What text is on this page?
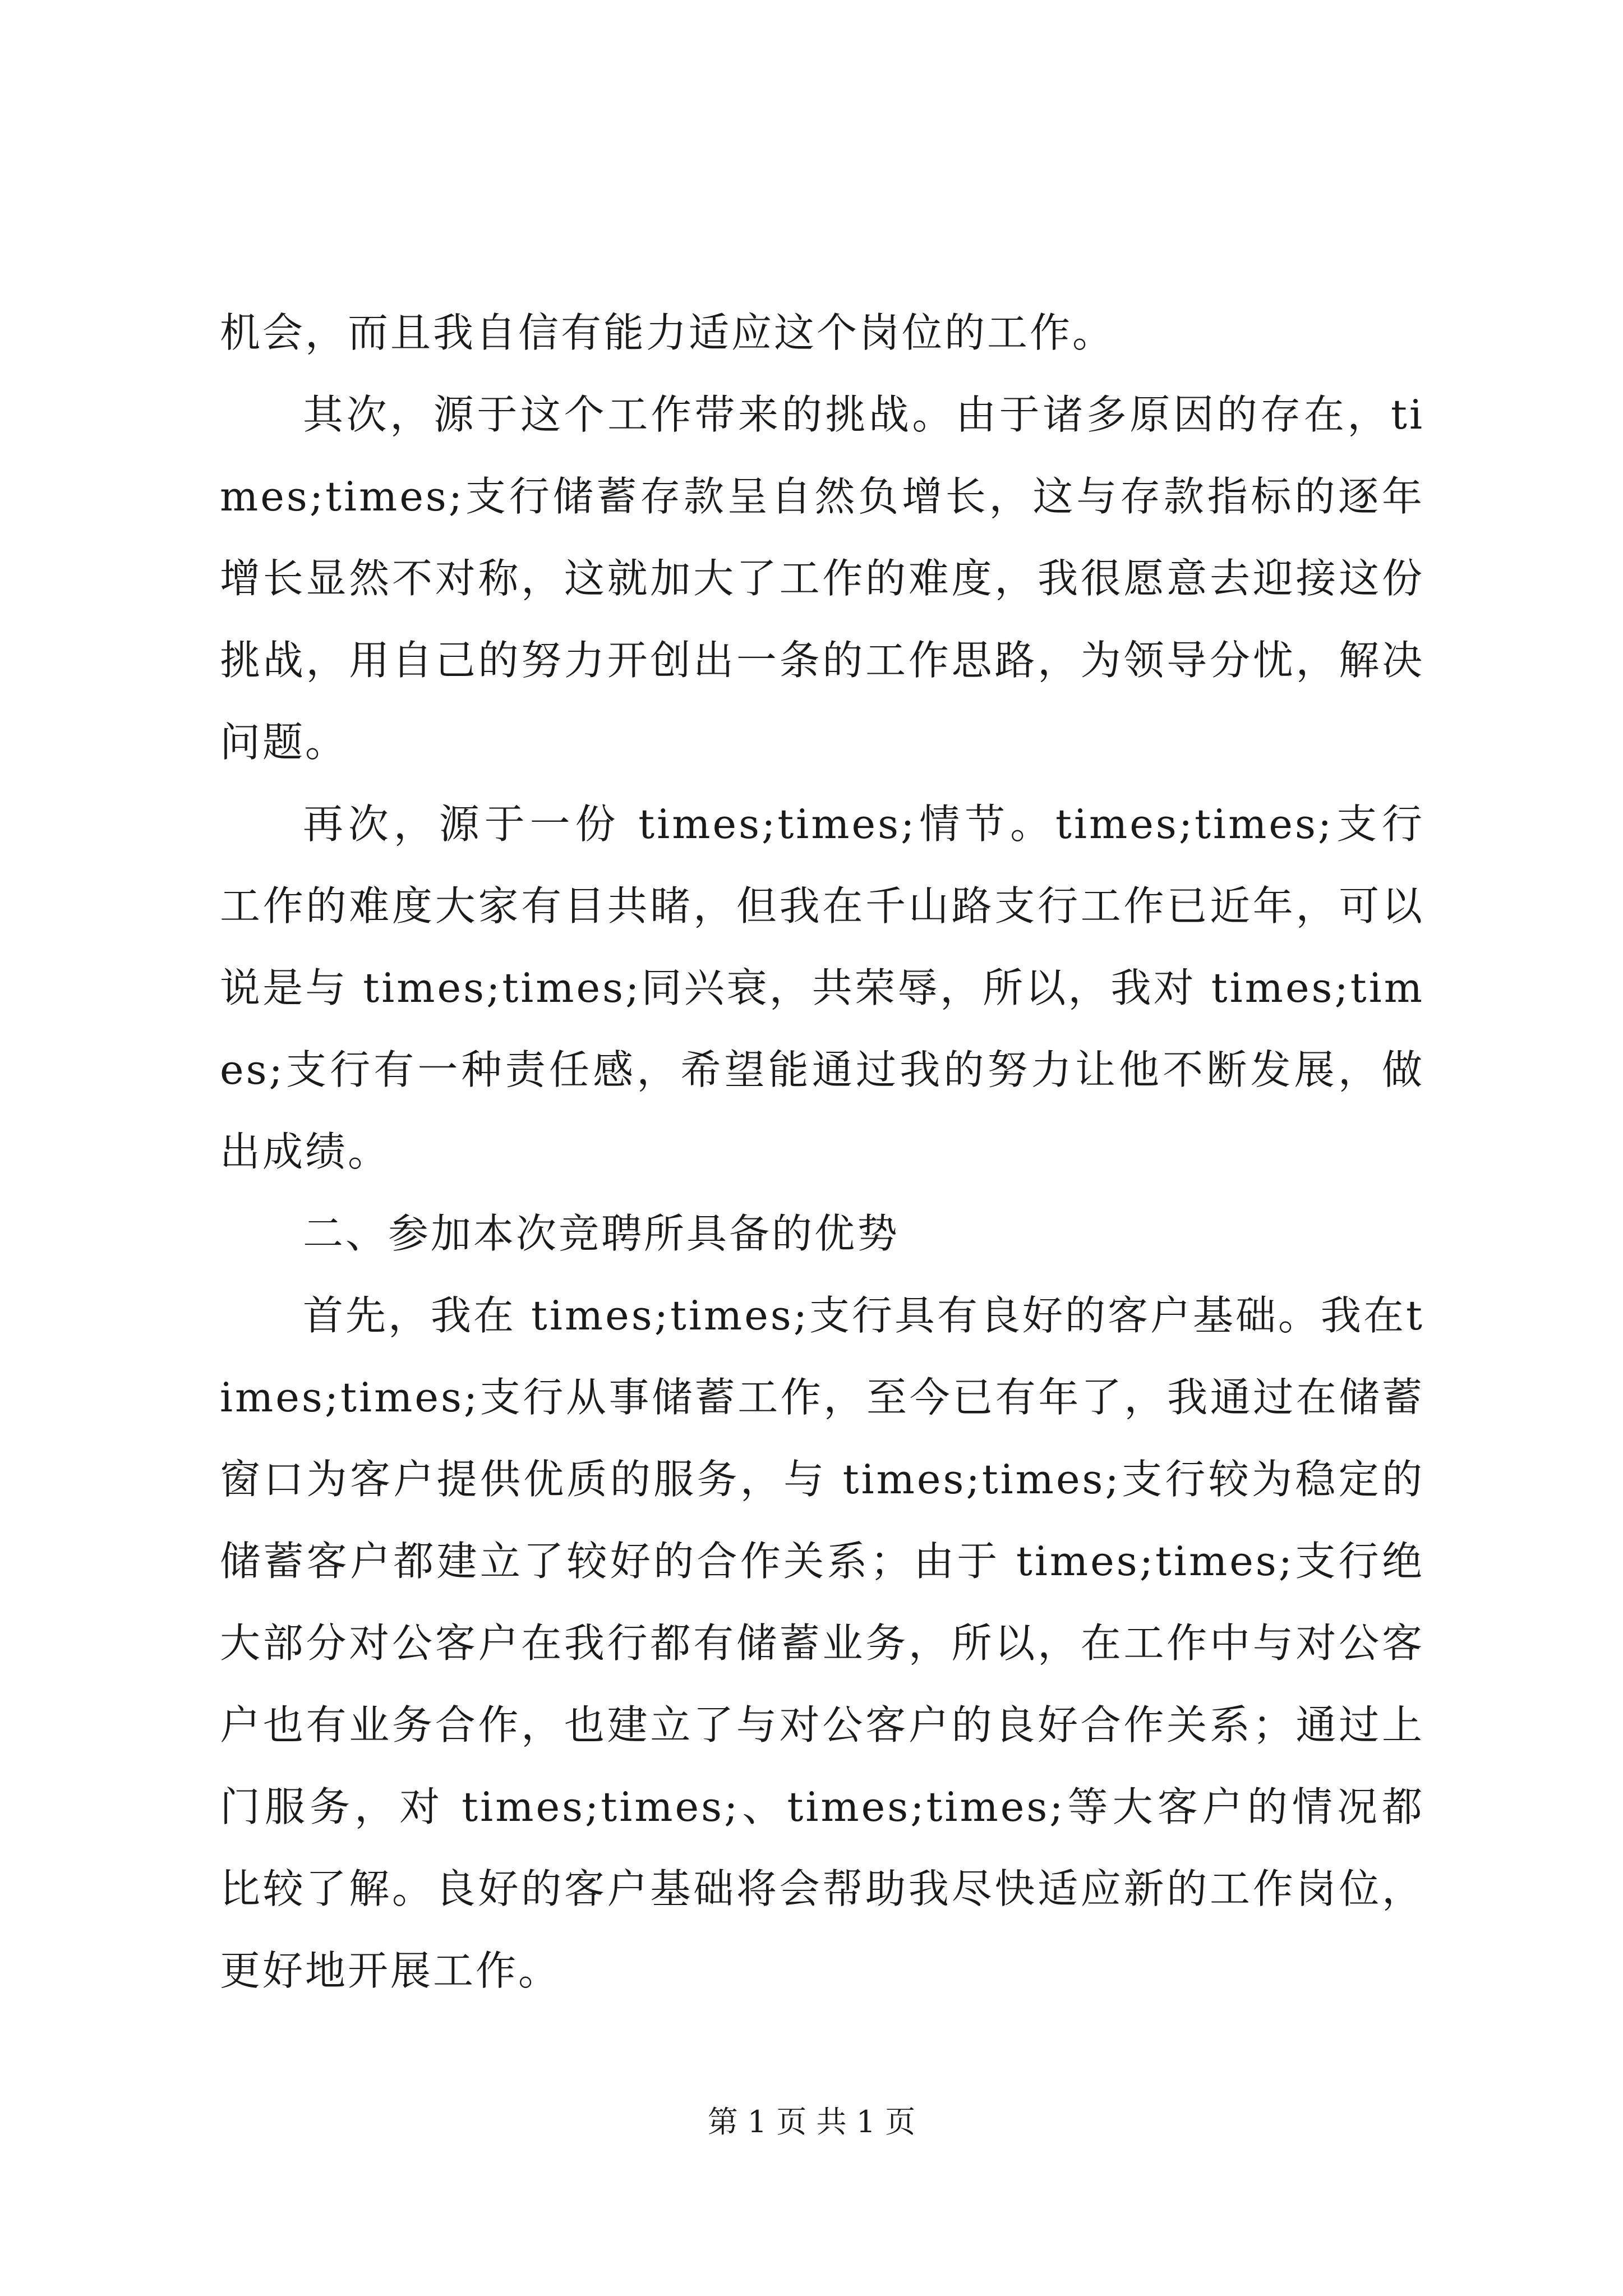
机会，而且我自信有能力适应这个岗位的工作。

其次，源于这个工作带来的挑战。由于诸多原因的存在，times;times;支行储蓄存款呈自然负增长，这与存款指标的逐年增长显然不对称，这就加大了工作的难度，我很愿意去迎接这份挑战，用自己的努力开创出一条的工作思路，为领导分忧，解决问题。

再次，源于一份 times;times;情节。times;times;支行工作的难度大家有目共睹，但我在千山路支行工作已近年，可以说是与 times;times;同兴衰，共荣辱，所以，我对 times;times;支行有一种责任感，希望能通过我的努力让他不断发展，做出成绩。

二、参加本次竞聘所具备的优势

首先，我在 times;times;支行具有良好的客户基础。我在times;times;支行从事储蓄工作，至今已有年了，我通过在储蓄窗口为客户提供优质的服务，与 times;times;支行较为稳定的储蓄客户都建立了较好的合作关系；由于 times;times;支行绝大部分对公客户在我行都有储蓄业务，所以，在工作中与对公客户也有业务合作，也建立了与对公客户的良好合作关系；通过上门服务，对 times;times;、times;times;等大客户的情况都比较了解。良好的客户基础将会帮助我尽快适应新的工作岗位，更好地开展工作。

第 1 页 共 1 页
